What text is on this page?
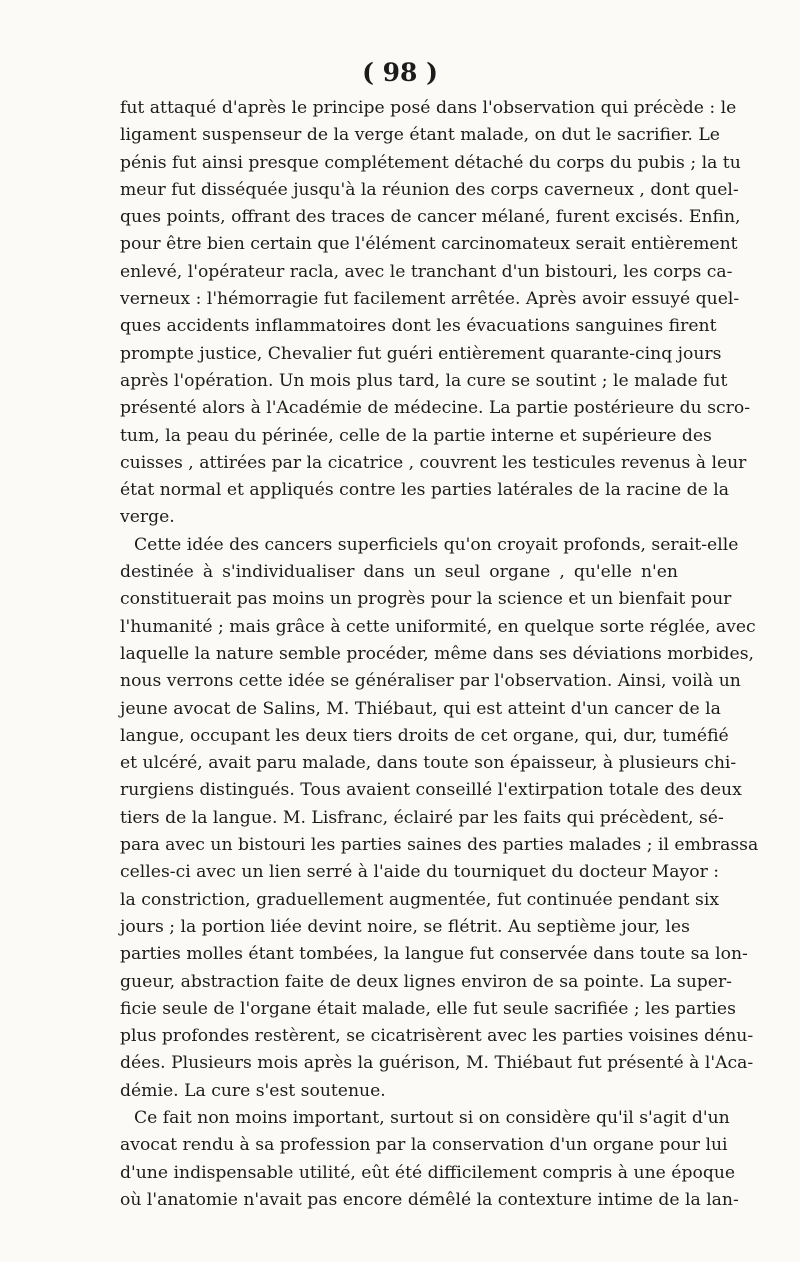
( 98 )
fut attaqué d'après le principe posé dans l'observation qui précède : le
ligament suspenseur de la verge étant malade, on dut le sacrifier. Le
pénis fut ainsi presque complétement détaché du corps du pubis ; la tu
meur fut disséquée jusqu'à la réunion des corps caverneux , dont quel-
ques points, offrant des traces de cancer mélané, furent excisés. Enfin,
pour être bien certain que l'élément carcinomateux serait entièrement
enlevé, l'opérateur racla, avec le tranchant d'un bistouri, les corps ca-
verneux : l'hémorragie fut facilement arrêtée. Après avoir essuyé quel-
ques accidents inflammatoires dont les évacuations sanguines firent
prompte justice, Chevalier fut guéri entièrement quarante-cinq jours
après l'opération. Un mois plus tard, la cure se soutint ; le malade fut
présenté alors à l'Académie de médecine. La partie postérieure du scro-
tum, la peau du périnée, celle de la partie interne et supérieure des
cuisses , attirées par la cicatrice , couvrent les testicules revenus à leur
état normal et appliqués contre les parties latérales de la racine de la
verge.
Cette idée des cancers superficiels qu'on croyait profonds, serait-elle
destinée à s'individualiser dans un seul organe , qu'elle n'en
constituerait pas moins un progrès pour la science et un bienfait pour
l'humanité ; mais grâce à cette uniformité, en quelque sorte réglée, avec
laquelle la nature semble procéder, même dans ses déviations morbides,
nous verrons cette idée se généraliser par l'observation. Ainsi, voilà un
jeune avocat de Salins, M. Thiébaut, qui est atteint d'un cancer de la
langue, occupant les deux tiers droits de cet organe, qui, dur, tuméfié
et ulcéré, avait paru malade, dans toute son épaisseur, à plusieurs chi-
rurgiens distingués. Tous avaient conseillé l'extirpation totale des deux
tiers de la langue. M. Lisfranc, éclairé par les faits qui précèdent, sé-
para avec un bistouri les parties saines des parties malades ; il embrassa
celles-ci avec un lien serré à l'aide du tourniquet du docteur Mayor :
la constriction, graduellement augmentée, fut continuée pendant six
jours ; la portion liée devint noire, se flétrit. Au septième jour, les
parties molles étant tombées, la langue fut conservée dans toute sa lon-
gueur, abstraction faite de deux lignes environ de sa pointe. La super-
ficie seule de l'organe était malade, elle fut seule sacrifiée ; les parties
plus profondes restèrent, se cicatrisèrent avec les parties voisines dénu-
dées. Plusieurs mois après la guérison, M. Thiébaut fut présenté à l'Aca-
démie. La cure s'est soutenue.
Ce fait non moins important, surtout si on considère qu'il s'agit d'un
avocat rendu à sa profession par la conservation d'un organe pour lui
d'une indispensable utilité, eût été difficilement compris à une époque
où l'anatomie n'avait pas encore démêlé la contexture intime de la lan-
